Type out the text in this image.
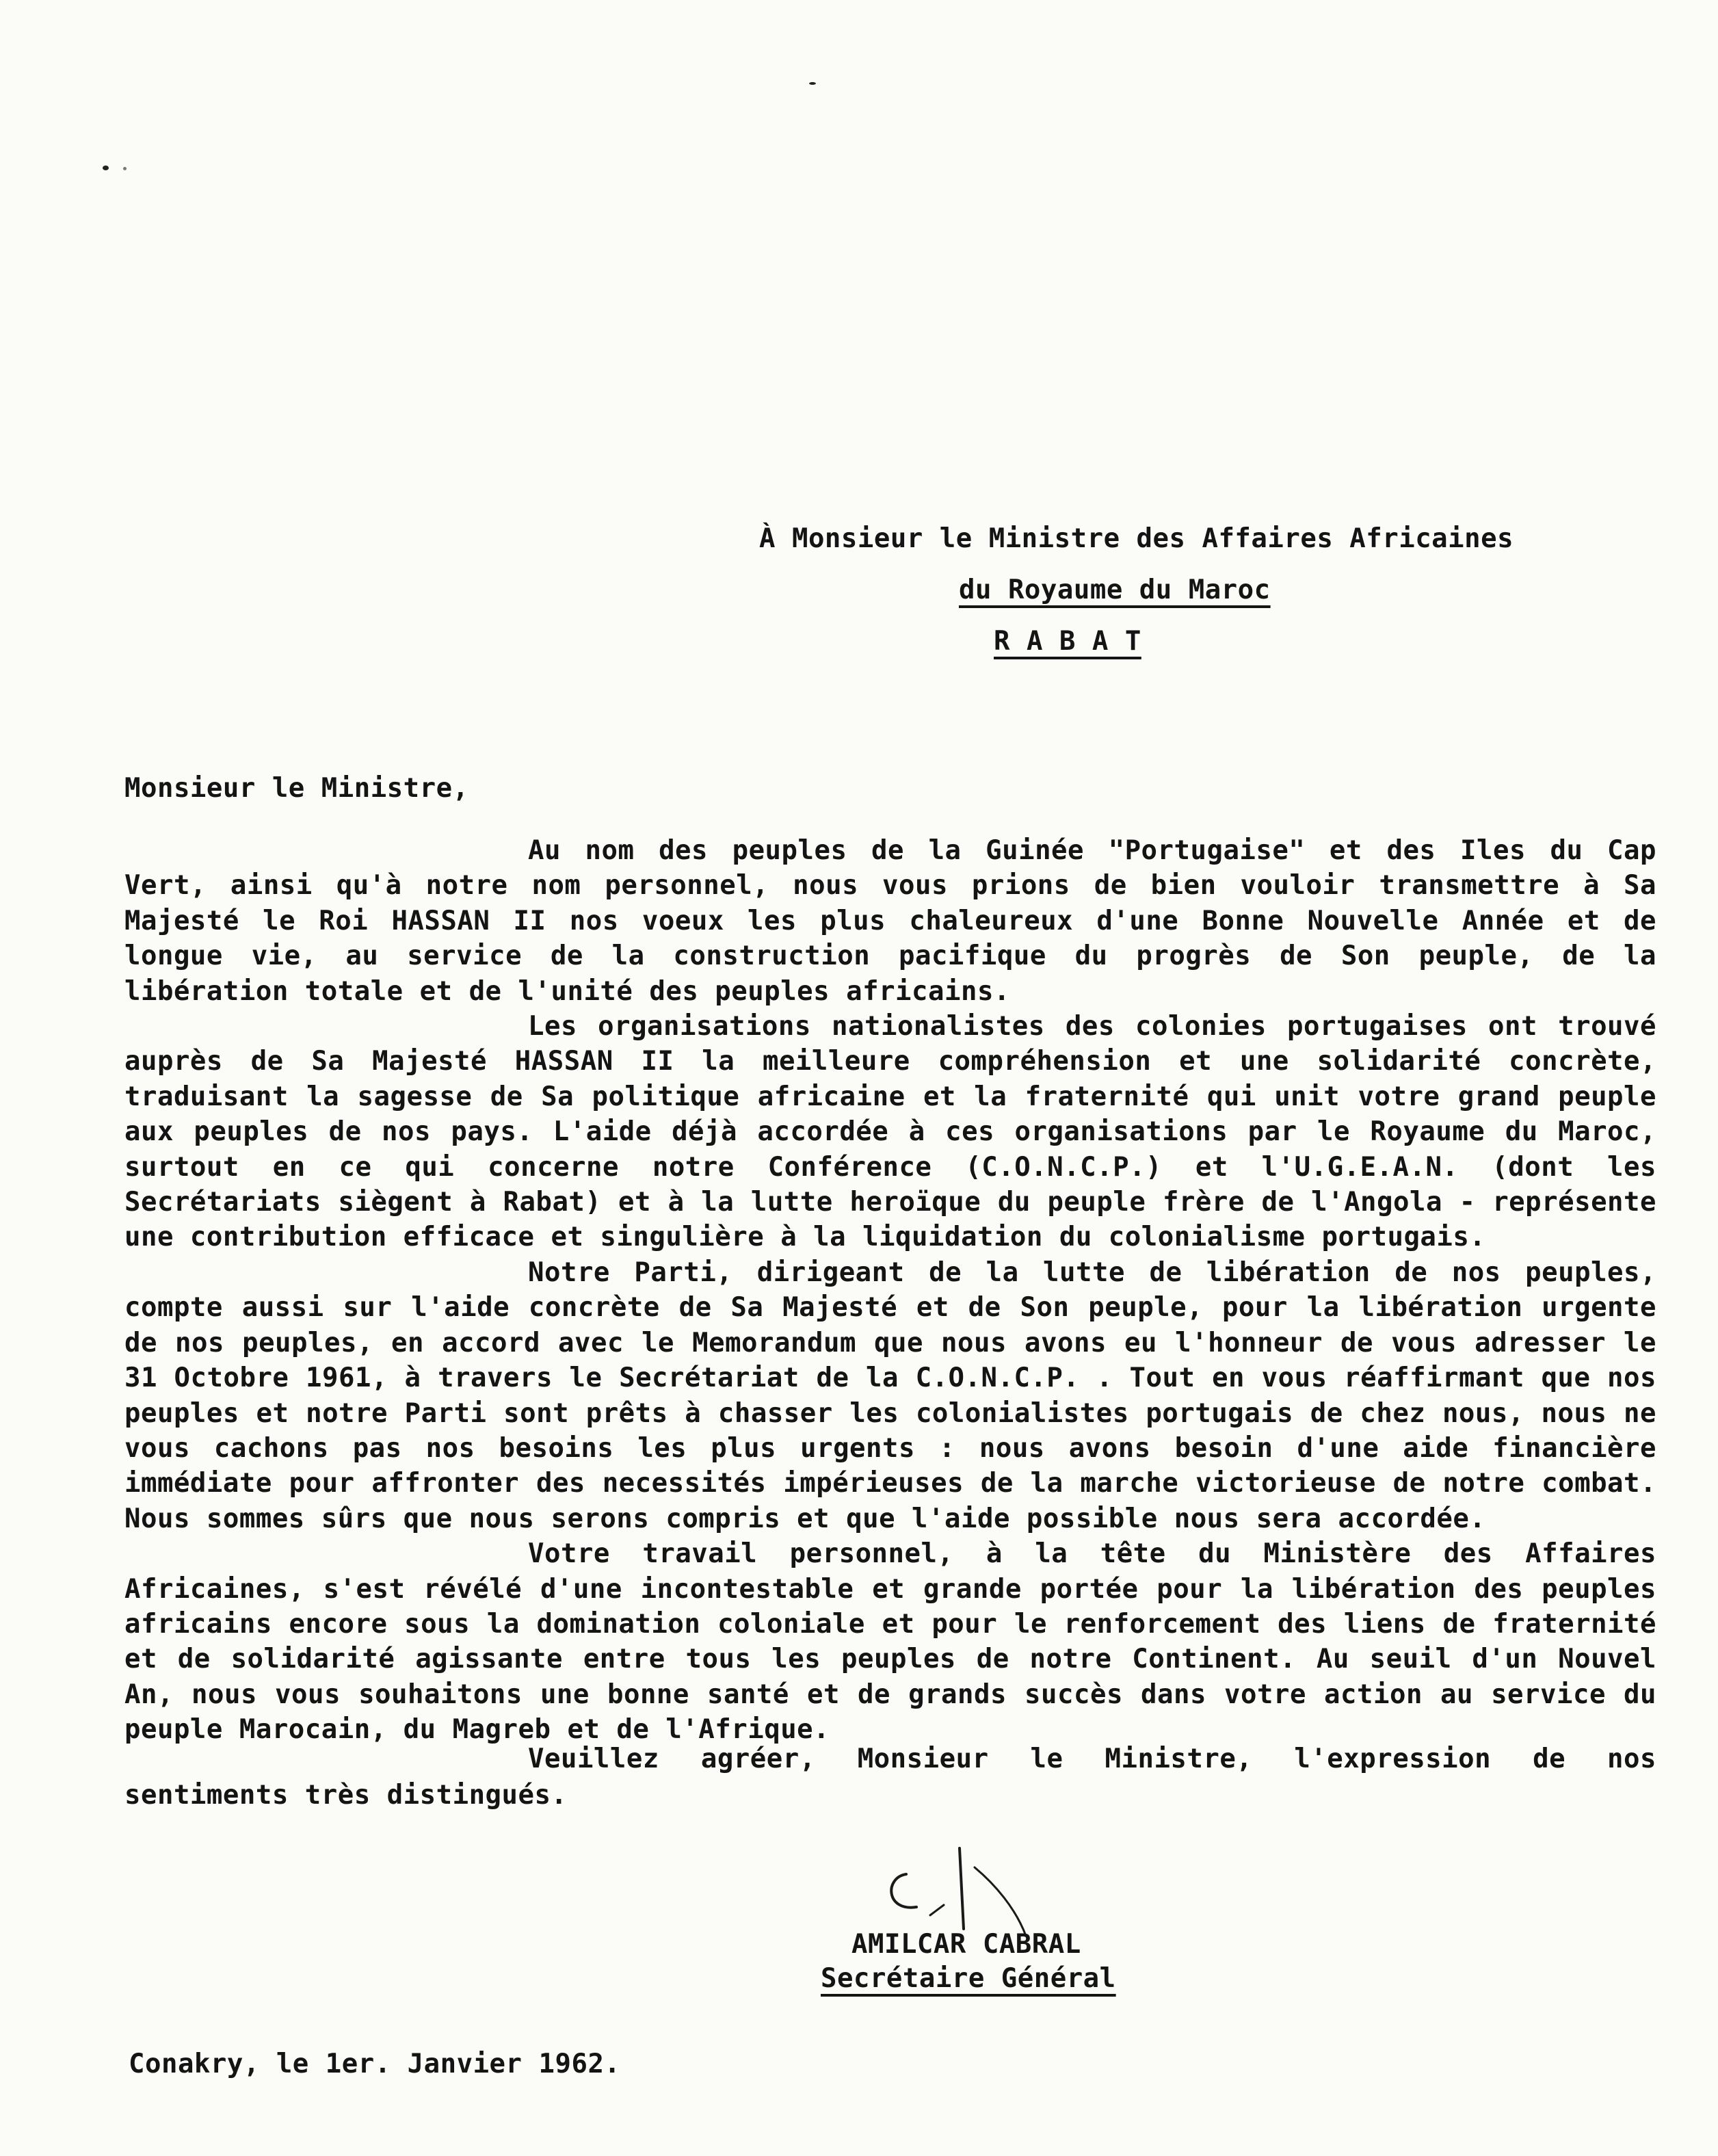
À Monsieur le Ministre des Affaires Africaines
du Royaume du Maroc
R A B A T
Monsieur le Ministre,

Au nom des peuples de la Guinée "Portugaise" et des Iles du Cap Vert, ainsi qu'à notre nom personnel, nous vous prions de bien vouloir transmettre à Sa Majesté le Roi HASSAN II nos voeux les plus chaleureux d'une Bonne Nouvelle Année et de longue vie, au service de la construction pacifique du progrès de Son peuple, de la libération totale et de l'unité des peuples africains.

Les organisations nationalistes des colonies portugaises ont trouvé auprès de Sa Majesté HASSAN II la meilleure compréhension et une solidarité concrète, traduisant la sagesse de Sa politique africaine et la fraternité qui unit votre grand peuple aux peuples de nos pays. L'aide déjà accordée à ces organisations par le Royaume du Maroc, surtout en ce qui concerne notre Conférence (C.O.N.C.P.) et l'U.G.E.A.N. (dont les Secrétariats siègent à Rabat) et à la lutte heroïque du peuple frère de l'Angola - représente une contribution efficace et singulière à la liquidation du colonialisme portugais.

Notre Parti, dirigeant de la lutte de libération de nos peuples, compte aussi sur l'aide concrète de Sa Majesté et de Son peuple, pour la libération urgente de nos peuples, en accord avec le Memorandum que nous avons eu l'honneur de vous adresser le 31 Octobre 1961, à travers le Secrétariat de la C.O.N.C.P. . Tout en vous réaffirmant que nos peuples et notre Parti sont prêts à chasser les colonialistes portugais de chez nous, nous ne vous cachons pas nos besoins les plus urgents : nous avons besoin d'une aide financière immédiate pour affronter des necessités impérieuses de la marche victorieuse de notre combat. Nous sommes sûrs que nous serons compris et que l'aide possible nous sera accordée.

Votre travail personnel, à la tête du Ministère des Affaires Africaines, s'est révélé d'une incontestable et grande portée pour la libération des peuples africains encore sous la domination coloniale et pour le renforcement des liens de fraternité et de solidarité agissante entre tous les peuples de notre Continent. Au seuil d'un Nouvel An, nous vous souhaitons une bonne santé et de grands succès dans votre action au service du peuple Marocain, du Magreb et de l'Afrique.

Veuillez agréer, Monsieur le Ministre, l'expression de nos sentiments très distingués.
AMILCAR CABRAL
Secrétaire Général
Conakry, le 1er. Janvier 1962.
